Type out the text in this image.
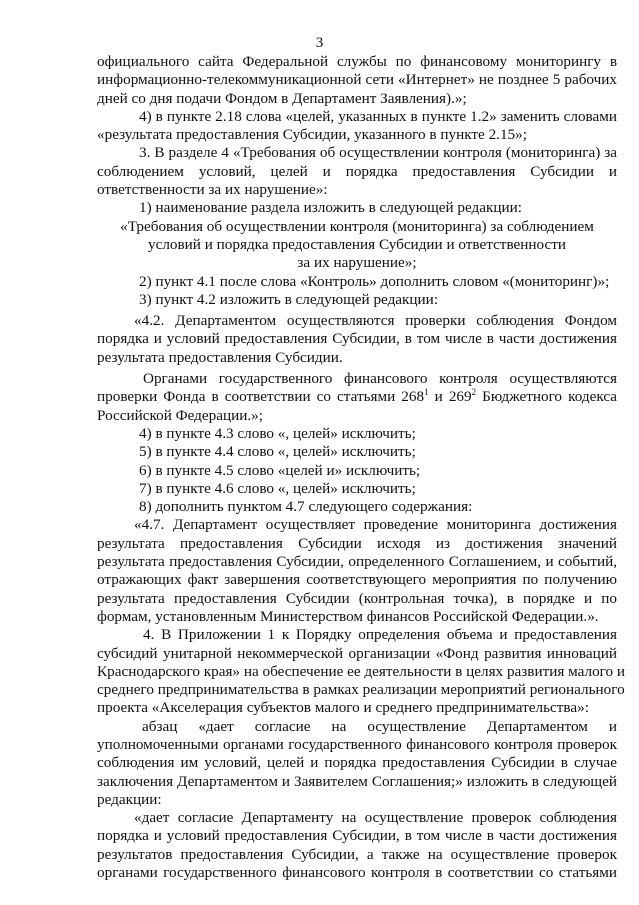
3
официального сайта Федеральной службы по финансовому мониторингу в
информационно-телекоммуникационной сети «Интернет» не позднее 5 рабочих
дней со дня подачи Фондом в Департамент Заявления).»;
4) в пункте 2.18 слова «целей, указанных в пункте 1.2» заменить словами
«результата предоставления Субсидии, указанного в пункте 2.15»;
3. В разделе 4 «Требования об осуществлении контроля (мониторинга) за
соблюдением условий, целей и порядка предоставления Субсидии и
ответственности за их нарушение»:
1) наименование раздела изложить в следующей редакции:
«Требования об осуществлении контроля (мониторинга) за соблюдением
условий и порядка предоставления Субсидии и ответственности
за их нарушение»;
2) пункт 4.1 после слова «Контроль» дополнить словом «(мониторинг)»;
3) пункт 4.2 изложить в следующей редакции:
«4.2. Департаментом осуществляются проверки соблюдения Фондом
порядка и условий предоставления Субсидии, в том числе в части достижения
результата предоставления Субсидии.
Органами государственного финансового контроля осуществляются
проверки Фонда в соответствии со статьями $268^1$ и $269^2$ Бюджетного кодекса
Российской Федерации.»;
4) в пункте 4.3 слово «, целей» исключить;
5) в пункте 4.4 слово «, целей» исключить;
6) в пункте 4.5 слово «целей и» исключить;
7) в пункте 4.6 слово «, целей» исключить;
8) дополнить пунктом 4.7 следующего содержания:
«4.7. Департамент осуществляет проведение мониторинга достижения
результата предоставления Субсидии исходя из достижения значений
результата предоставления Субсидии, определенного Соглашением, и событий,
отражающих факт завершения соответствующего мероприятия по получению
результата предоставления Субсидии (контрольная точка), в порядке и по
формам, установленным Министерством финансов Российской Федерации.».
4. В Приложении 1 к Порядку определения объема и предоставления
субсидий унитарной некоммерческой организации «Фонд развития инноваций
Краснодарского края» на обеспечение ее деятельности в целях развития малого и
среднего предпринимательства в рамках реализации мероприятий регионального
проекта «Акселерация субъектов малого и среднего предпринимательства»:
абзац «дает согласие на осуществление Департаментом и
уполномоченными органами государственного финансового контроля проверок
соблюдения им условий, целей и порядка предоставления Субсидии в случае
заключения Департаментом и Заявителем Соглашения;» изложить в следующей
редакции:
«дает согласие Департаменту на осуществление проверок соблюдения
порядка и условий предоставления Субсидии, в том числе в части достижения
результатов предоставления Субсидии, а также на осуществление проверок
органами государственного финансового контроля в соответствии со статьями
